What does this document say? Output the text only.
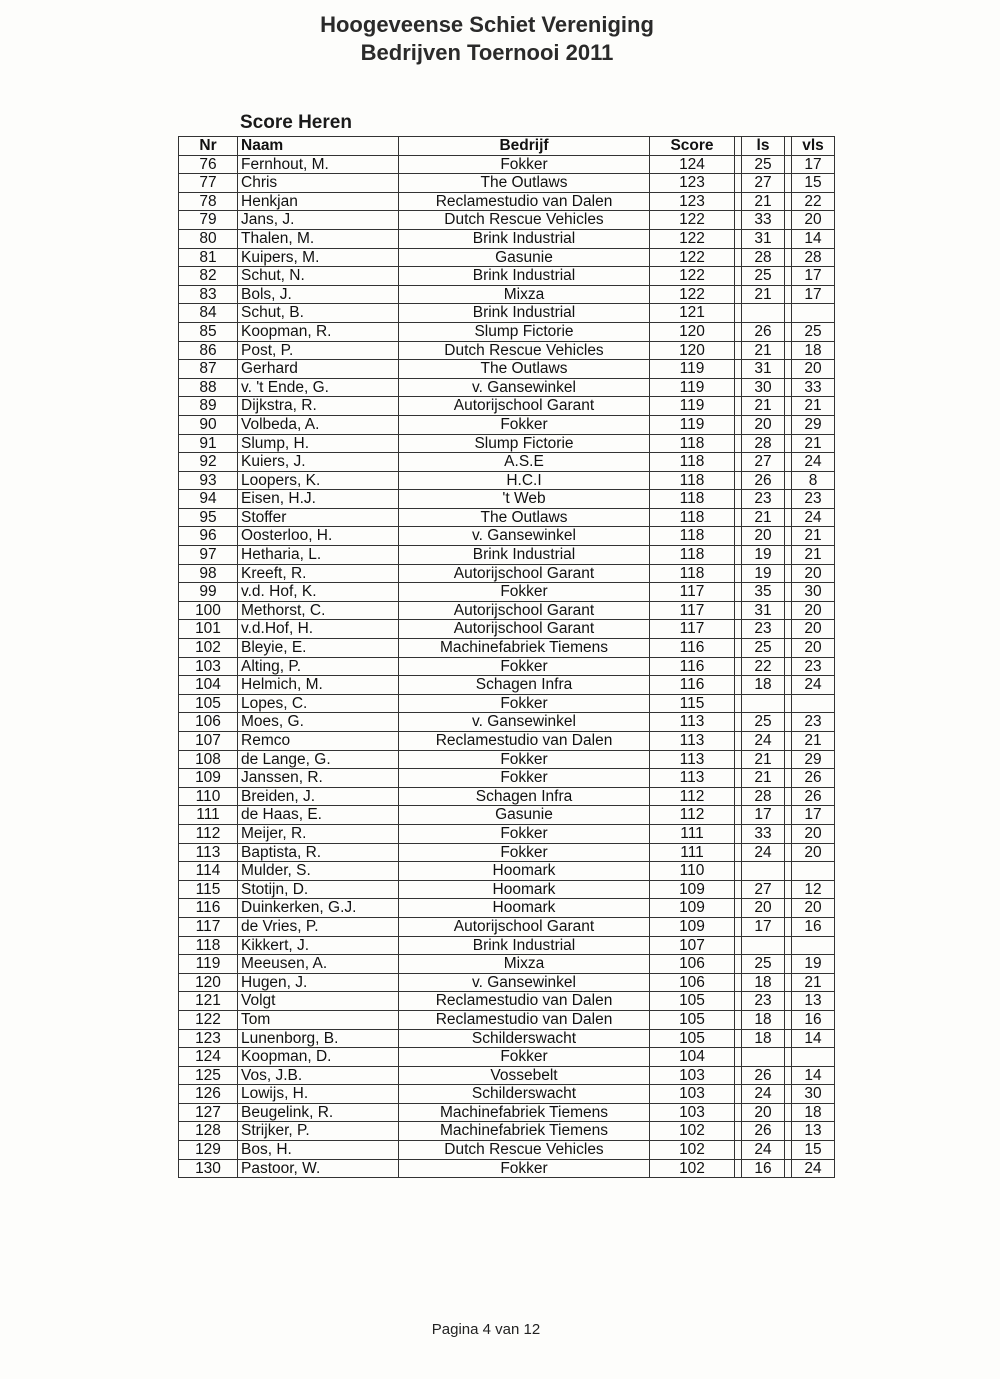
Hoogeveense Schiet Vereniging
Bedrijven Toernooi 2011
Score Heren
Nr	Naam	Bedrijf	Score		ls		vls
76	Fernhout, M.	Fokker	124		25		17
77	Chris	The Outlaws	123		27		15
78	Henkjan	Reclamestudio van Dalen	123		21		22
79	Jans, J.	Dutch Rescue Vehicles	122		33		20
80	Thalen, M.	Brink Industrial	122		31		14
81	Kuipers, M.	Gasunie	122		28		28
82	Schut, N.	Brink Industrial	122		25		17
83	Bols, J.	Mixza	122		21		17
84	Schut, B.	Brink Industrial	121				
85	Koopman, R.	Slump Fictorie	120		26		25
86	Post, P.	Dutch Rescue Vehicles	120		21		18
87	Gerhard	The Outlaws	119		31		20
88	v. 't Ende, G.	v. Gansewinkel	119		30		33
89	Dijkstra, R.	Autorijschool Garant	119		21		21
90	Volbeda, A.	Fokker	119		20		29
91	Slump, H.	Slump Fictorie	118		28		21
92	Kuiers, J.	A.S.E	118		27		24
93	Loopers, K.	H.C.I	118		26		8
94	Eisen, H.J.	't Web	118		23		23
95	Stoffer	The Outlaws	118		21		24
96	Oosterloo, H.	v. Gansewinkel	118		20		21
97	Hetharia, L.	Brink Industrial	118		19		21
98	Kreeft, R.	Autorijschool Garant	118		19		20
99	v.d. Hof, K.	Fokker	117		35		30
100	Methorst, C.	Autorijschool Garant	117		31		20
101	v.d.Hof, H.	Autorijschool Garant	117		23		20
102	Bleyie, E.	Machinefabriek Tiemens	116		25		20
103	Alting, P.	Fokker	116		22		23
104	Helmich, M.	Schagen Infra	116		18		24
105	Lopes, C.	Fokker	115				
106	Moes, G.	v. Gansewinkel	113		25		23
107	Remco	Reclamestudio van Dalen	113		24		21
108	de Lange, G.	Fokker	113		21		29
109	Janssen, R.	Fokker	113		21		26
110	Breiden, J.	Schagen Infra	112		28		26
111	de Haas, E.	Gasunie	112		17		17
112	Meijer, R.	Fokker	111		33		20
113	Baptista, R.	Fokker	111		24		20
114	Mulder, S.	Hoomark	110				
115	Stotijn, D.	Hoomark	109		27		12
116	Duinkerken, G.J.	Hoomark	109		20		20
117	de Vries, P.	Autorijschool Garant	109		17		16
118	Kikkert, J.	Brink Industrial	107				
119	Meeusen, A.	Mixza	106		25		19
120	Hugen, J.	v. Gansewinkel	106		18		21
121	Volgt	Reclamestudio van Dalen	105		23		13
122	Tom	Reclamestudio van Dalen	105		18		16
123	Lunenborg, B.	Schilderswacht	105		18		14
124	Koopman, D.	Fokker	104				
125	Vos, J.B.	Vossebelt	103		26		14
126	Lowijs, H.	Schilderswacht	103		24		30
127	Beugelink, R.	Machinefabriek Tiemens	103		20		18
128	Strijker, P.	Machinefabriek Tiemens	102		26		13
129	Bos, H.	Dutch Rescue Vehicles	102		24		15
130	Pastoor, W.	Fokker	102		16		24
Pagina 4 van 12
